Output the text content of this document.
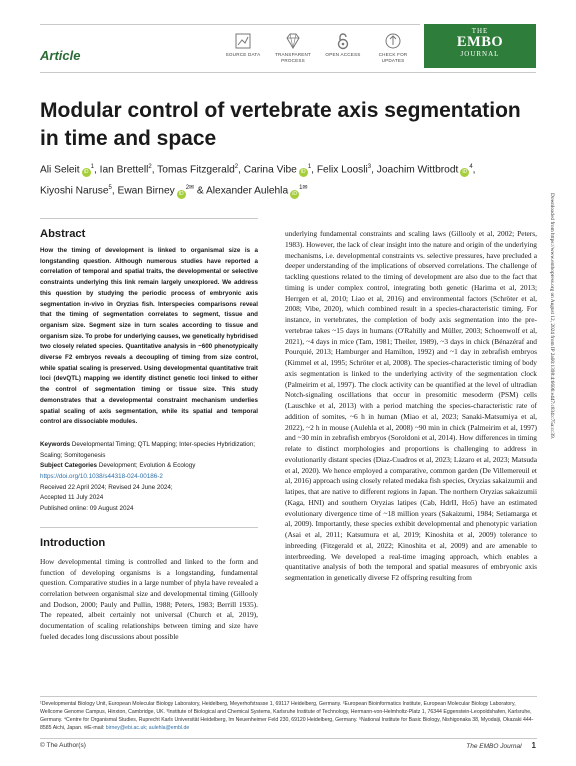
Article	SOURCE DATA	TRANSPARENT PROCESS
OPEN ACCESS	CHECK FOR UPDATES
THE
EMBO
JOURNAL
Modular control of vertebrate axis segmentation in time and space
Ali Seleit $iD^1$, Ian Brettell$^2$, Tomas Fitzgerald$^2$, Carina Vibe $iD^1$, Felix Loosli$^3$, Joachim Wittbrodt $iD^4$,
Kiyoshi Naruse$^5$, Ewan Birney $iD^{2✉}$ & Alexander Aulehla $iD^{1✉}$
Downloaded from https://www.embopress.org on August 12, 2024 from IP 2a00:1398:4:6606:e447:c834:c75a:cc39.
Abstract

How the timing of development is linked to organismal size is a longstanding question. Although numerous studies have reported a correlation of temporal and spatial traits, the developmental or selective constraints underlying this link remain largely unexplored. We address this question by studying the periodic process of embryonic axis segmentation in-vivo in Oryzias fish. Interspecies comparisons reveal that the timing of segmentation correlates to segment, tissue and organism size. Segment size in turn scales according to tissue and organism size. To probe for underlying causes, we genetically hybridised two closely related species. Quantitative analysis in ~600 phenotypically diverse F2 embryos reveals a decoupling of timing from size control, while spatial scaling is preserved. Using developmental quantitative trait loci (devQTL) mapping we identify distinct genetic loci linked to either the control of segmentation timing or tissue size. This study demonstrates that a developmental constraint mechanism underlies spatial scaling of axis segmentation, while its spatial and temporal control are dissociable modules.

Keywords Developmental Timing; QTL Mapping; Inter-species Hybridization; Scaling; Somitogenesis
Subject Categories Development; Evolution & Ecology
https://doi.org/10.1038/s44318-024-00186-2
Received 22 April 2024; Revised 24 June 2024;
Accepted 11 July 2024
Published online: 09 August 2024
Introduction

How developmental timing is controlled and linked to the form and function of developing organisms is a longstanding, fundamental question. Comparative studies in a large number of phyla have revealed a correlation between organismal size and developmental timing (Gillooly and Dodson, 2000; Pauly and Pullin, 1988; Peters, 1983; Berrill 1935). The repeated, albeit certainly not universal (Church et al, 2019), documentation of scaling relationships between timing and size have fueled decades long discussions about possible

underlying fundamental constraints and scaling laws (Gillooly et al, 2002; Peters, 1983). However, the lack of clear insight into the nature and origin of the underlying mechanisms, i.e. developmental constraints vs. selective pressures, have precluded a deeper understanding of the implications of observed correlations. The challenge of tackling questions related to the timing of development are also due to the fact that timing is under complex control, integrating both genetic (Harima et al, 2013; Herrgen et al, 2010; Liao et al, 2016) and environmental factors (Schröter et al, 2008; Vibe, 2020), which combined result in a species-characteristic timing. For instance, in vertebrates, the completion of body axis segmentation into the pre-vertebrae takes ~15 days in humans (O'Rahilly and Müller, 2003; Schoenwolf et al, 2021), ~4 days in mice (Tam, 1981; Theiler, 1989), ~3 days in chick (Bénazéraf and Pourquié, 2013; Hamburger and Hamilton, 1992) and ~1 day in zebrafish embryos (Kimmel et al, 1995; Schröter et al, 2008). The species-characteristic timing of body axis segmentation is linked to the underlying activity of the segmentation clock (Palmeirim et al, 1997). The clock activity can be quantified at the level of ultradian Notch-signaling oscillations that occur in presomitic mesoderm (PSM) cells (Lauschke et al, 2013) with a period matching the species-characteristic rate of addition of somites, ~6 h in human (Miao et al, 2023; Sanaki-Matsumiya et al, 2022), ~2 h in mouse (Aulehla et al, 2008) ~90 min in chick (Palmeirim et al, 1997) and ~30 min in zebrafish embryos (Soroldoni et al, 2014). How differences in timing relate to distinct morphologies and proportions is challenging to address in evolutionarily distant species (Diaz-Cuadros et al, 2023; Lázaro et al, 2023; Matsuda et al, 2020). We hence employed a comparative, common garden (De Villemereuil et al, 2016) approach using closely related medaka fish species, Oryzias sakaizumii and latipes, that are native to different regions in Japan. The northern Oryzias sakaizumii (Kaga, HNI) and southern Oryzias latipes (Cab, HdrII, Ho5) have an estimated evolutionary divergence time of ~18 million years (Sakaizumi, 1984; Setiamarga et al, 2009). Importantly, these species exhibit developmental and phenotypic variation (Asai et al, 2011; Katsumura et al, 2019; Kinoshita et al, 2009) tolerance to inbreeding (Fitzgerald et al, 2022; Kinoshita et al, 2009) and are amenable to interbreeding. We developed a real-time imaging approach, which enables a quantitative analysis of both the temporal and spatial measures of embryonic axis segmentation in genetically diverse F2 offspring resulting from
¹Developmental Biology Unit, European Molecular Biology Laboratory, Heidelberg, Meyerhofstrasse 1, 69117 Heidelberg, Germany. ²European Bioinformatics Institute, European Molecular Biology Laboratory, Wellcome Genome Campus, Hinxton, Cambridge, UK. ³Institute of Biological and Chemical Systems, Karlsruhe Institute of Technology, Hermann-von-Helmholtz-Platz 1, 76344 Eggenstein-Leopoldshafen, Karlsruhe, Germany. ⁴Centre for Organismal Studies, Ruprecht Karls Universität Heidelberg, Im Neuenheimer Feld 230, 69120 Heidelberg, Germany. ⁵National Institute for Basic Biology, Nishigonaka 38, Myodaiji, Okazaki 444-8585 Aichi, Japan. ✉E-mail: birney@ebi.ac.uk; aulehla@embl.de
© The Author(s)	The EMBO Journal 1
